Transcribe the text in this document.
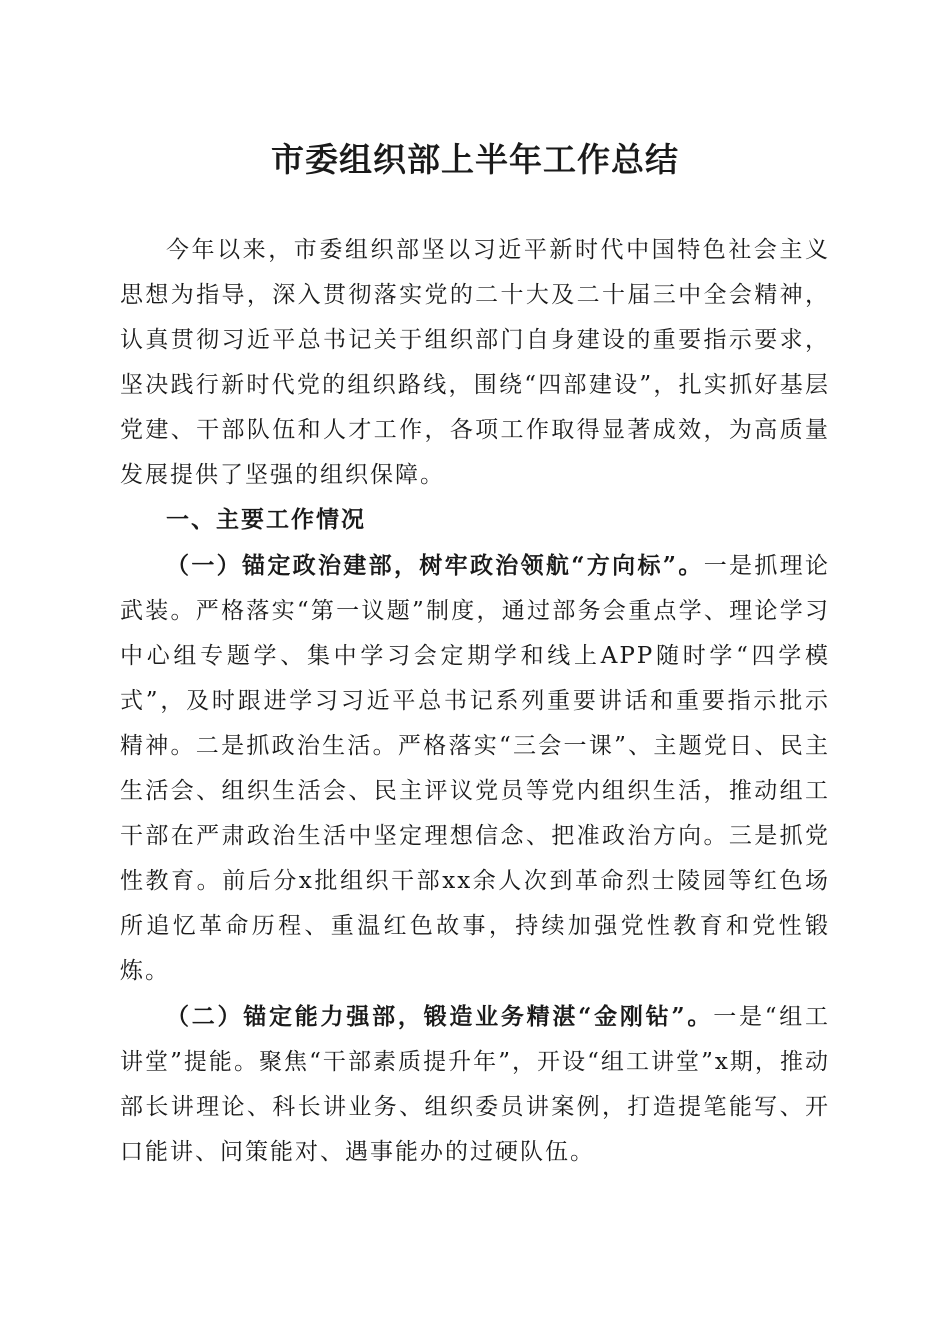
市委组织部上半年工作总结

今年以来，市委组织部坚以习近平新时代中国特色社会主义思想为指导，深入贯彻落实党的二十大及二十届三中全会精神，认真贯彻习近平总书记关于组织部门自身建设的重要指示要求，坚决践行新时代党的组织路线，围绕“四部建设”，扎实抓好基层党建、干部队伍和人才工作，各项工作取得显著成效，为高质量发展提供了坚强的组织保障。

一、主要工作情况

（一）锚定政治建部，树牢政治领航“方向标”。一是抓理论武装。严格落实“第一议题”制度，通过部务会重点学、理论学习中心组专题学、集中学习会定期学和线上APP随时学“四学模式”，及时跟进学习习近平总书记系列重要讲话和重要指示批示精神。二是抓政治生活。严格落实“三会一课”、主题党日、民主生活会、组织生活会、民主评议党员等党内组织生活，推动组工干部在严肃政治生活中坚定理想信念、把准政治方向。三是抓党性教育。前后分x批组织干部xx余人次到革命烈士陵园等红色场所追忆革命历程、重温红色故事，持续加强党性教育和党性锻炼。

（二）锚定能力强部，锻造业务精湛“金刚钻”。一是“组工讲堂”提能。聚焦“干部素质提升年”，开设“组工讲堂”x期，推动部长讲理论、科长讲业务、组织委员讲案例，打造提笔能写、开口能讲、问策能对、遇事能办的过硬队伍。
